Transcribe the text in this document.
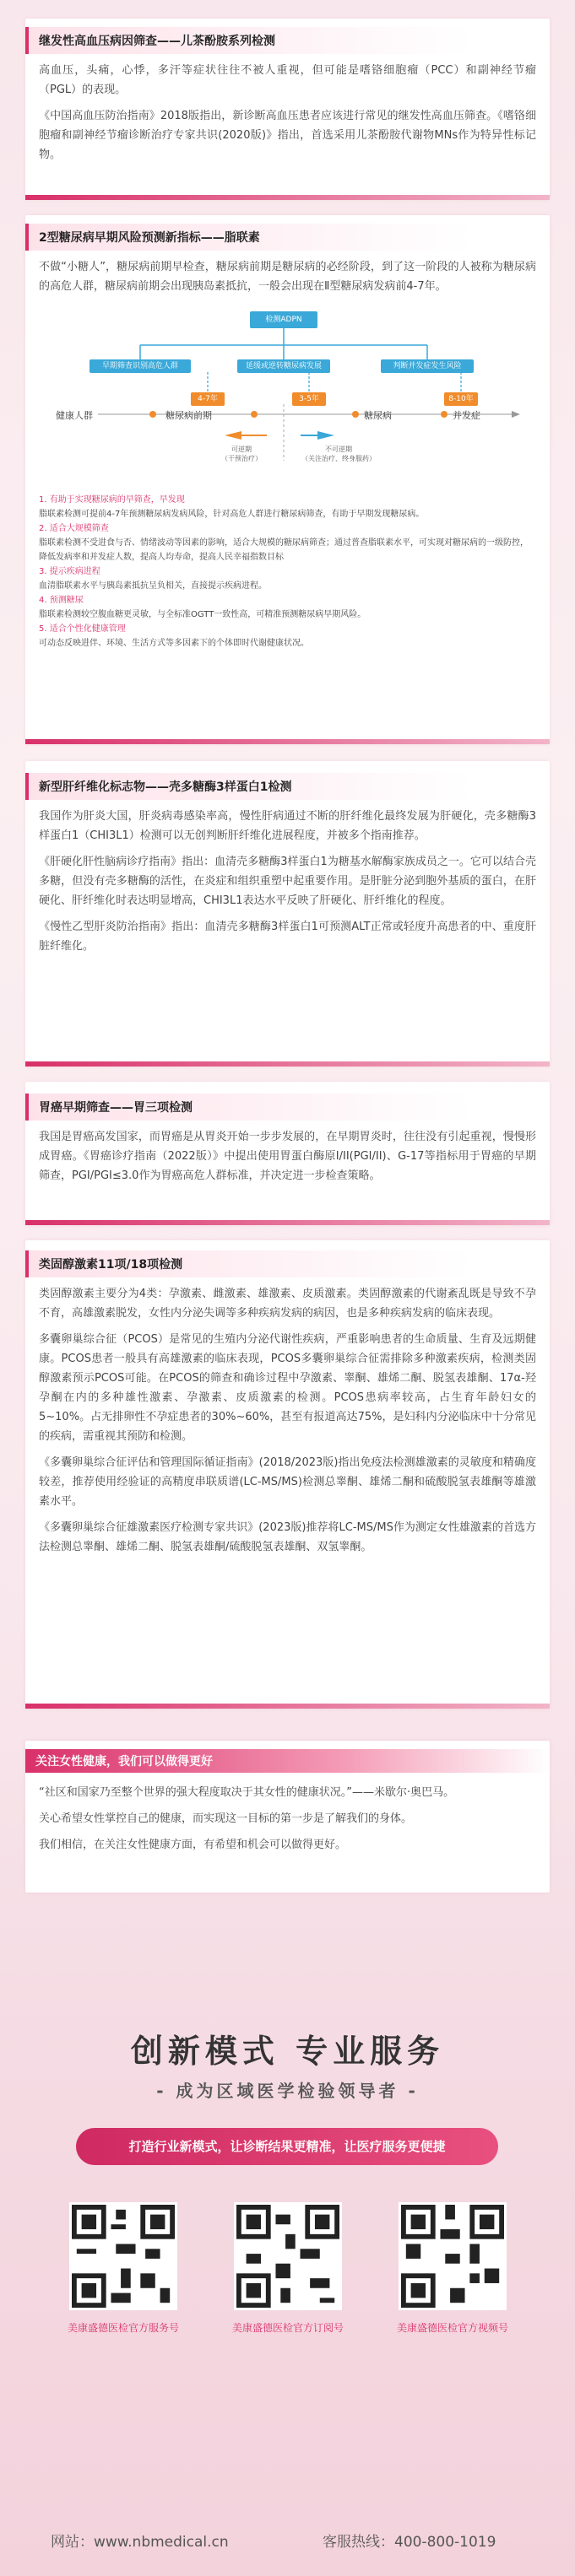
继发性高血压病因筛查——儿茶酚胺系列检测

高血压，头痛，心悸，多汗等症状往往不被人重视，但可能是嗜铬细胞瘤（PCC）和副神经节瘤（PGL）的表现。

《中国高血压防治指南》2018版指出，新诊断高血压患者应该进行常见的继发性高血压筛查。《嗜铬细胞瘤和副神经节瘤诊断治疗专家共识(2020版)》指出，首选采用儿茶酚胺代谢物MNs作为特异性标记物。

2型糖尿病早期风险预测新指标——脂联素

不做“小糖人”，糖尿病前期早检查，糖尿病前期是糖尿病的必经阶段，到了这一阶段的人被称为糖尿病的高危人群，糖尿病前期会出现胰岛素抵抗，一般会出现在Ⅱ型糖尿病发病前4-7年。

检测ADPN
早期筛查识别高危人群	延缓或逆转糖尿病发展	判断并发症发生风险
4-7年	3-5年	8-10年
健康人群	糖尿病前期	糖尿病	并发症
可逆期
（干预治疗）
不可逆期
（关注治疗、终身服药）
1. 有助于实现糖尿病的早筛查，早发现
脂联素检测可提前4-7年预测糖尿病发病风险，针对高危人群进行糖尿病筛查，有助于早期发现糖尿病。
2. 适合大规模筛查
脂联素检测不受进食与否、情绪波动等因素的影响，适合大规模的糖尿病筛查；通过普查脂联素水平，可实现对糖尿病的一级防控，降低发病率和并发症人数，提高人均寿命，提高人民幸福指数目标
3. 提示疾病进程
血清脂联素水平与胰岛素抵抗呈负相关，直接提示疾病进程。
4. 预测糖尿
脂联素检测较空腹血糖更灵敏，与全标准OGTT一致性高，可精准预测糖尿病早期风险。
5. 适合个性化健康管理
可动态反映进伴、环境、生活方式等多因素下的个体即时代谢健康状况。
新型肝纤维化标志物——壳多糖酶3样蛋白1检测

我国作为肝炎大国，肝炎病毒感染率高，慢性肝病通过不断的肝纤维化最终发展为肝硬化，壳多糖酶3样蛋白1（CHI3L1）检测可以无创判断肝纤维化进展程度，并被多个指南推荐。

《肝硬化肝性脑病诊疗指南》指出：血清壳多糖酶3样蛋白1为糖基水解酶家族成员之一。它可以结合壳多糖，但没有壳多糖酶的活性，在炎症和组织重塑中起重要作用。是肝脏分泌到胞外基质的蛋白，在肝硬化、肝纤维化时表达明显增高，CHI3L1表达水平反映了肝硬化、肝纤维化的程度。

《慢性乙型肝炎防治指南》指出：血清壳多糖酶3样蛋白1可预测ALT正常或轻度升高患者的中、重度肝脏纤维化。

胃癌早期筛查——胃三项检测

我国是胃癌高发国家，而胃癌是从胃炎开始一步步发展的，在早期胃炎时，往往没有引起重视，慢慢形成胃癌。《胃癌诊疗指南（2022版）》中提出使用胃蛋白酶原I/II(PGI/II)、G-17等指标用于胃癌的早期筛查，PGI/PGI≤3.0作为胃癌高危人群标准，并决定进一步检查策略。

类固醇激素11项/18项检测

类固醇激素主要分为4类：孕激素、雌激素、雄激素、皮质激素。类固醇激素的代谢紊乱既是导致不孕不育，高雄激素脱发，女性内分泌失调等多种疾病发病的病因，也是多种疾病发病的临床表现。

多囊卵巢综合征（PCOS）是常见的生殖内分泌代谢性疾病，严重影响患者的生命质量、生育及远期健康。PCOS患者一般具有高雄激素的临床表现，PCOS多囊卵巢综合征需排除多种激素疾病，检测类固醇激素预示PCOS可能。在PCOS的筛查和确诊过程中孕激素、睾酮、雄烯二酮、脱氢表雄酮、17α-羟孕酮在内的多种雄性激素、孕激素、皮质激素的检测。PCOS患病率较高，占生育年龄妇女的5~10%。占无排卵性不孕症患者的30%~60%，甚至有报道高达75%，是妇科内分泌临床中十分常见的疾病，需重视其预防和检测。

《多囊卵巢综合征评估和管理国际循证指南》(2018/2023版)指出免疫法检测雄激素的灵敏度和精确度较差，推荐使用经验证的高精度串联质谱(LC-MS/MS)检测总睾酮、雄烯二酮和硫酸脱氢表雄酮等雄激素水平。

《多囊卵巢综合征雄激素医疗检测专家共识》(2023版)推荐将LC-MS/MS作为测定女性雄激素的首选方法检测总睾酮、雄烯二酮、脱氢表雄酮/硫酸脱氢表雄酮、双氢睾酮。

关注女性健康，我们可以做得更好

“社区和国家乃至整个世界的强大程度取决于其女性的健康状况。”——米歇尔·奥巴马。

关心希望女性掌控自己的健康，而实现这一目标的第一步是了解我们的身体。

我们相信，在关注女性健康方面，有希望和机会可以做得更好。

创新模式 专业服务
- 成为区域医学检验领导者 -
打造行业新模式，让诊断结果更精准，让医疗服务更便捷
美康盛德医检官方服务号	美康盛德医检官方订阅号	美康盛德医检官方视频号
网站：www.nbmedical.cn	客服热线：400-800-1019
